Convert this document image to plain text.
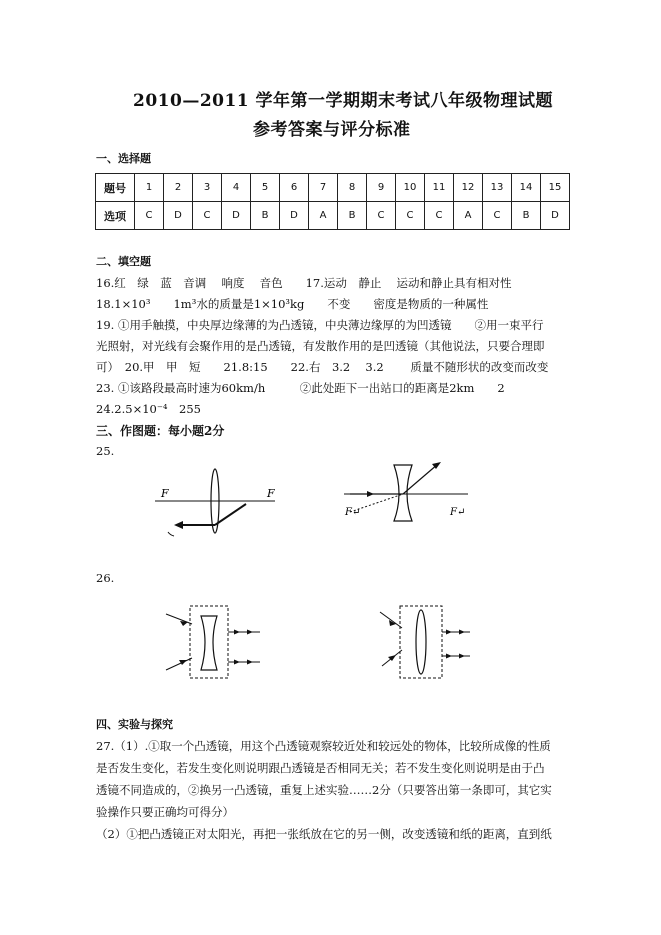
2010—2011 学年第一学期期末考试八年级物理试题
参考答案与评分标准
一、选择题
题号	1	2	3	4	5	6	7	8	9	10	11	12	13	14	15
选项	C	D	C	D	B	D	A	B	C	C	C	A	C	B	D
二、填空题
16.红　绿　蓝　音调　 响度　 音色　　17.运动　静止　 运动和静止具有相对性
18.1×10³　　1m³水的质量是1×10³kg　　不变　　密度是物质的一种属性
19. ①用手触摸，中央厚边缘薄的为凸透镜，中央薄边缘厚的为凹透镜　　②用一束平行
光照射，对光线有会聚作用的是凸透镜，有发散作用的是凹透镜（其他说法，只要合理即
可）　20.甲　甲　短　　21.8:15　　22.右　3.2　 3.2　　 质量不随形状的改变而改变
23. ①该路段最高时速为60km/h　　　②此处距下一出站口的距离是2km　　2
24.2.5×10⁻⁴　255
三、作图题：每小题2分
25.
F	F
F↵	F↵
26.
四、实验与探究
27.（1）.①取一个凸透镜，用这个凸透镜观察较近处和较远处的物体，比较所成像的性质
是否发生变化，若发生变化则说明跟凸透镜是否相同无关；若不发生变化则说明是由于凸
透镜不同造成的，②换另一凸透镜，重复上述实验……2分（只要答出第一条即可，其它实
验操作只要正确均可得分）
（2）①把凸透镜正对太阳光，再把一张纸放在它的另一侧，改变透镜和纸的距离，直到纸
